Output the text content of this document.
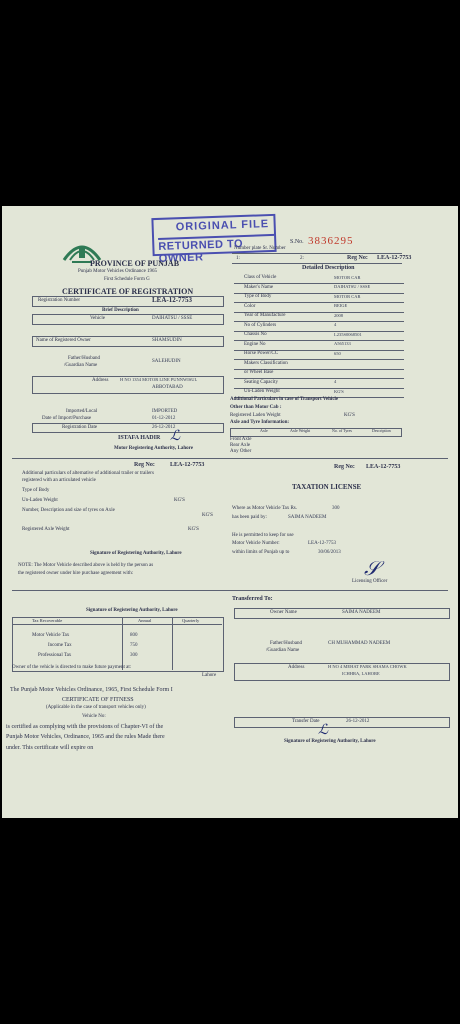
ORIGINAL FILE
RETURNED TO OWNER
S.No. 3836295
PROVINCE OF PUNJAB
Punjab Motor Vehicles Ordinance 1965
First Schedule Form G
CERTIFICATE OF REGISTRATION
Registration Number	LEA-12-7753
Brief Description
Vehicle	DAIHATSU / SSSE
Number plate Sr. Number
1:	2:	Reg No: LEA-12-7753
Detailed Description
Class of Vehicle	MOTOR CAR
Maker's Name	DAIHATSU / SSSE
Type of Body	MOTOR CAR
Color	BEIGE
Year of Manufacture	2008
No of Cylinders	4
Chassis No	L235S0068501
Engine No	A565133
Horse Power/CC	650
Makers Classification
or Wheel Base
Seating Capacity	4
Un-Laden Weight	KG'S
Name of Registered Owner	SHAMSUDIN
Father/Husband
/Guardian Name
SALEHUDIN
Address	H NO 1354 MOTOR LINE PUNNWISUL
ABBOTABAD
Imported/Local	IMPORTED
Date of Import/Purchase	01-12-2012
Registration Date	26-12-2012
ISTAFA HADIR ℒ
Motor Registering Authority, Lahore
Additional Particulars in case of Transport Vehicle
Other than Motor Cab :
Registered Laden Weight	KG'S
Axle and Tyre Information:
Axle	Axle Weight	No. of Tyres	Description
Front Axle
Rear Axle
Any Other
Reg No:	LEA-12-7753
Additional particulars of alternative of additional trailer or trailers
registered with an articulated vehicle
Type of Body
Un-Laden Weight	KG'S
Number, Description and size of tyres on Axle
KG'S
Registered Axle Weight	KG'S
Signature of Registering Authority, Lahore
NOTE: The Motor Vehicle described above is held by the person as
the registered owner under hire purchase agreement with:
Reg No: LEA-12-7753
TAXATION LICENSE
Where as Motor Vehicle Tax Rs.	300
has been paid by:	SAIMA NADEEM
He is permitted to keep for use
Motor Vehicle Number:	LEA-12-7753
within limits of Punjab up to	30/06/2013
𝒮
Licensing Officer
Signature of Registering Authority, Lahore
Tax Recoverable	Annual	Quarterly
Motor Vehicle Tax	800
Income Tax	750
Professional Tax	300
Owner of the vehicle is directed to make future payment at:
Lahore
The Punjab Motor Vehicles Ordinance, 1965, First Schedule Form I
CERTIFICATE OF FITNESS
(Applicable in the case of transport vehicles only)
Vehicle No:
is certified as complying with the provisions of Chapter-VI of the
Punjab Motor Vehicles, Ordinance, 1965 and the rules Made there
under. This certificate will expire on
Transferred To:
Owner Name	SAIMA NADEEM
Father/Husband
/Guardian Name
CH MUHAMMAD NADEEM
Address	H NO 4 MEHAT PARK SHAMA CHOWK
ICHHRA, LAHORE
Transfer Date	26-12-2012
ℒ
Signature of Registering Authority, Lahore
